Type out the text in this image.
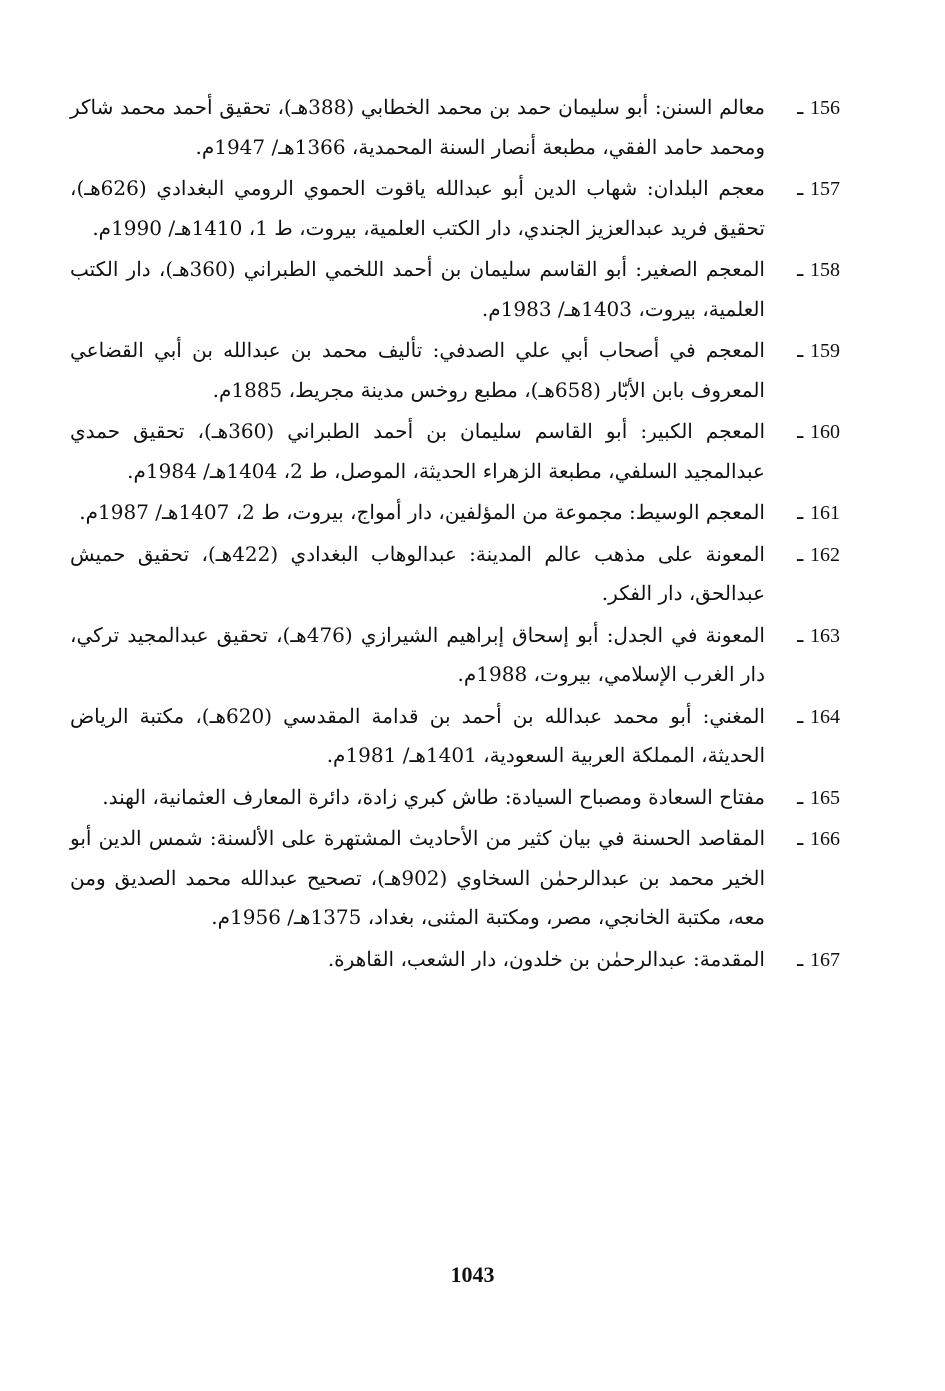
156 ـ
معالم السنن: أبو سليمان حمد بن محمد الخطابي (388هـ)، تحقيق أحمد محمد شاكر ومحمد حامد الفقي، مطبعة أنصار السنة المحمدية، 1366هـ/ 1947م.
157 ـ
معجم البلدان: شهاب الدين أبو عبدالله ياقوت الحموي الرومي البغدادي (626هـ)، تحقيق فريد عبدالعزيز الجندي، دار الكتب العلمية، بيروت، ط 1، 1410هـ/ 1990م.
158 ـ
المعجم الصغير: أبو القاسم سليمان بن أحمد اللخمي الطبراني (360هـ)، دار الكتب العلمية، بيروت، 1403هـ/ 1983م.
159 ـ
المعجم في أصحاب أبي علي الصدفي: تأليف محمد بن عبدالله بن أبي القضاعي المعروف بابن الأبّار (658هـ)، مطبع روخس مدينة مجريط، 1885م.
160 ـ
المعجم الكبير: أبو القاسم سليمان بن أحمد الطبراني (360هـ)، تحقيق حمدي عبدالمجيد السلفي، مطبعة الزهراء الحديثة، الموصل، ط 2، 1404هـ/ 1984م.
161 ـ
المعجم الوسيط: مجموعة من المؤلفين، دار أمواج، بيروت، ط 2، 1407هـ/ 1987م.
162 ـ
المعونة على مذهب عالم المدينة: عبدالوهاب البغدادي (422هـ)، تحقيق حميش عبدالحق، دار الفكر.
163 ـ
المعونة في الجدل: أبو إسحاق إبراهيم الشيرازي (476هـ)، تحقيق عبدالمجيد تركي، دار الغرب الإسلامي، بيروت، 1988م.
164 ـ
المغني: أبو محمد عبدالله بن أحمد بن قدامة المقدسي (620هـ)، مكتبة الرياض الحديثة، المملكة العربية السعودية، 1401هـ/ 1981م.
165 ـ
مفتاح السعادة ومصباح السيادة: طاش كبري زادة، دائرة المعارف العثمانية، الهند.
166 ـ
المقاصد الحسنة في بيان كثير من الأحاديث المشتهرة على الألسنة: شمس الدين أبو الخير محمد بن عبدالرحمٰن السخاوي (902هـ)، تصحيح عبدالله محمد الصديق ومن معه، مكتبة الخانجي، مصر، ومكتبة المثنى، بغداد، 1375هـ/ 1956م.
167 ـ
المقدمة: عبدالرحمٰن بن خلدون، دار الشعب، القاهرة.
1043
